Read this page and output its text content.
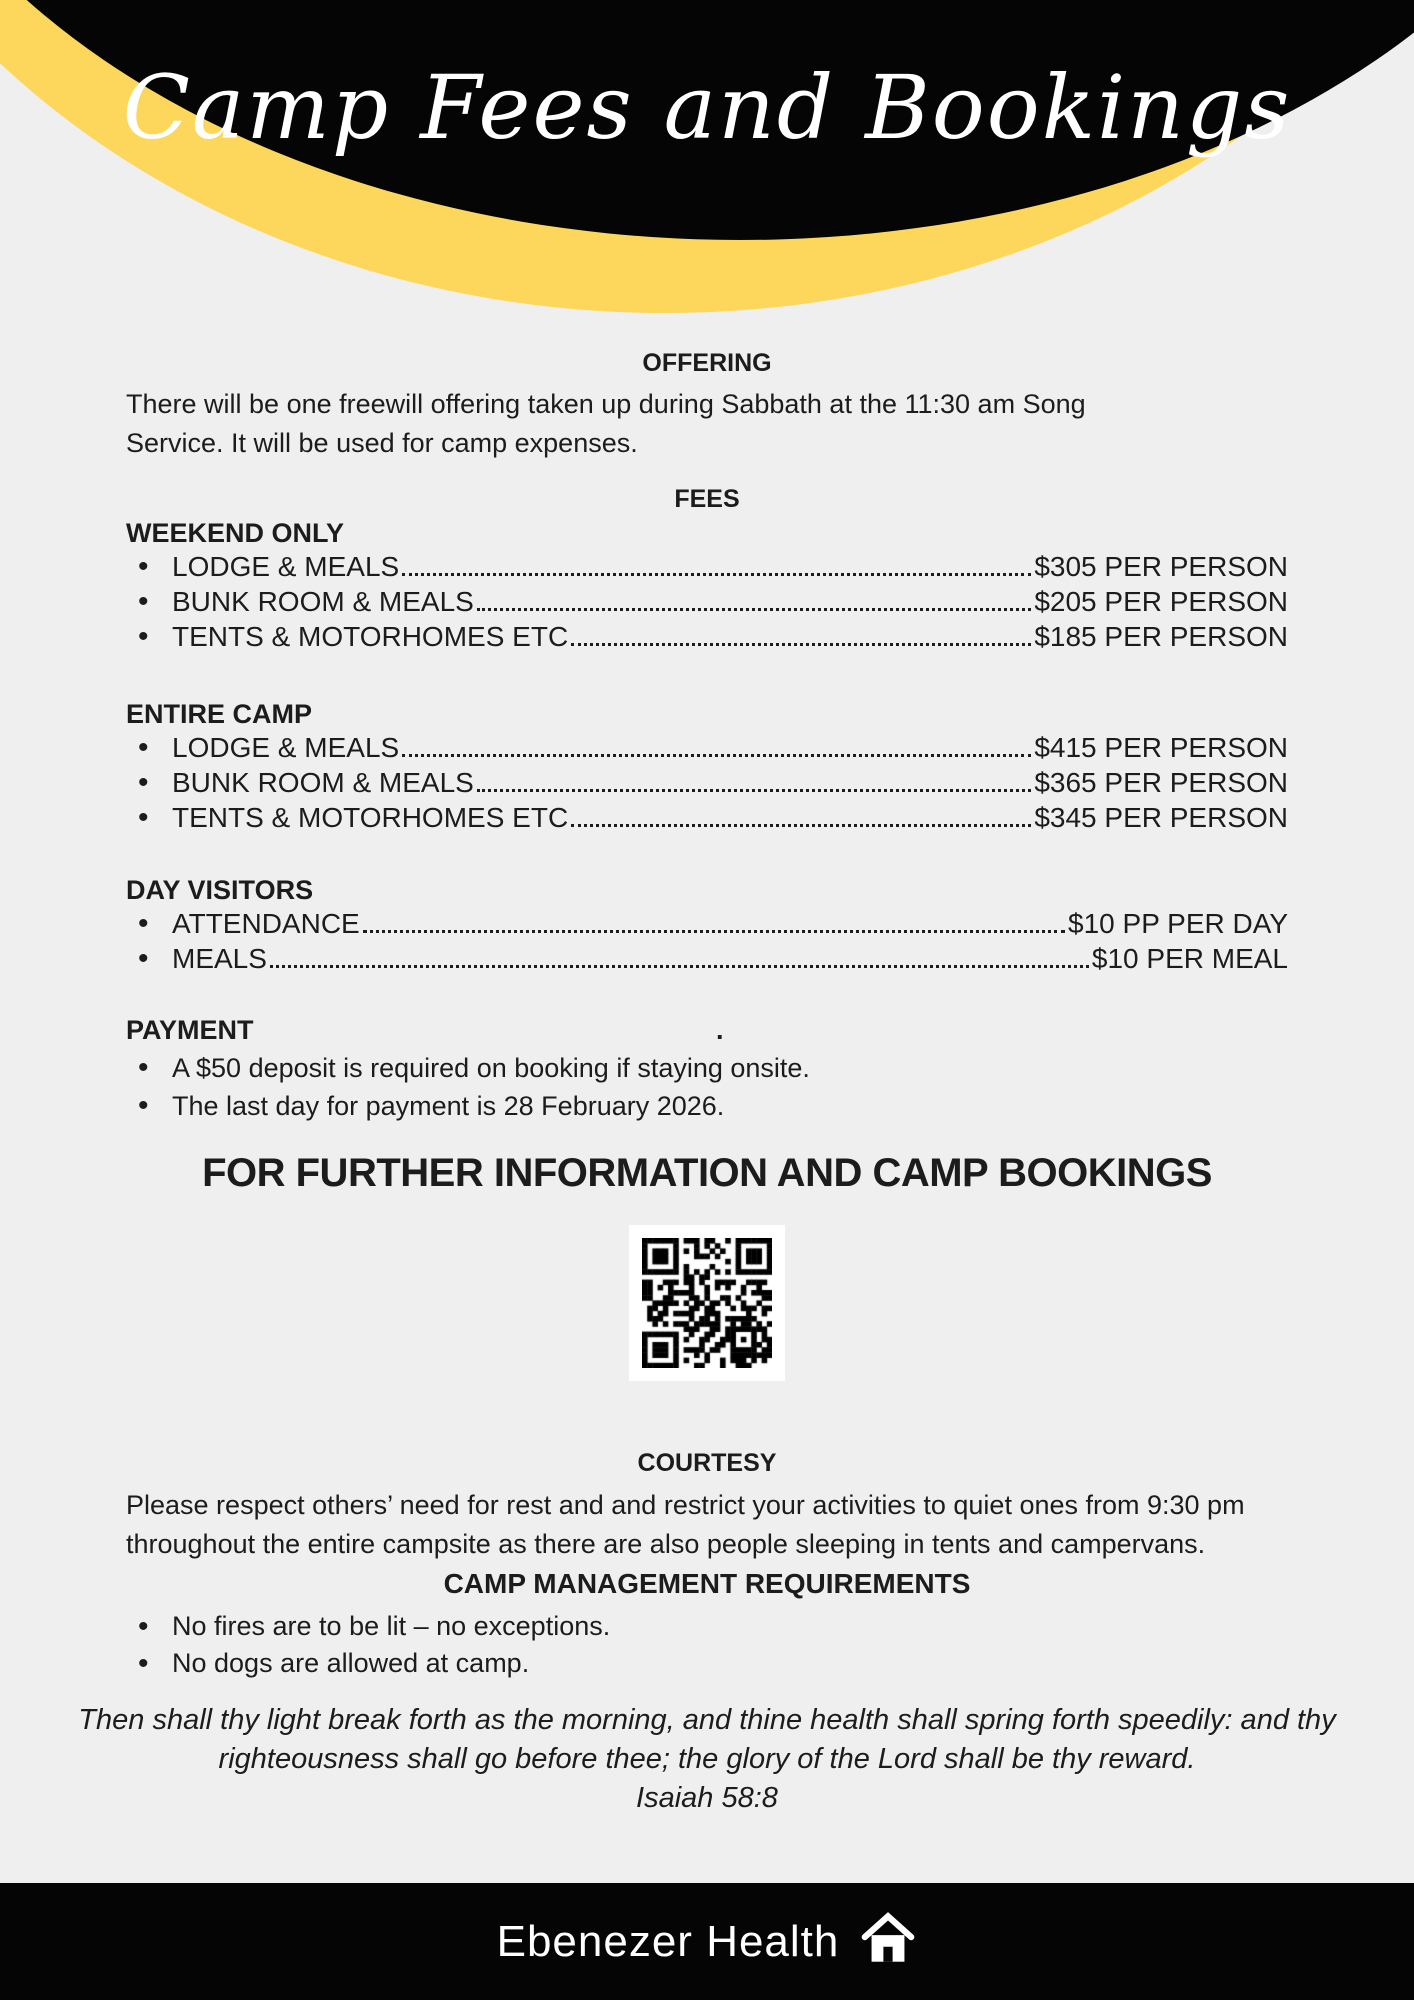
Camp Fees and Bookings
OFFERING

There will be one freewill offering taken up during Sabbath at the 11:30 am Song Service. It will be used for camp expenses.

FEES
WEEKEND ONLY
• LODGE & MEALS	$305 PER PERSON
• BUNK ROOM & MEALS	$205 PER PERSON
• TENTS & MOTORHOMES ETC	$185 PER PERSON
ENTIRE CAMP
• LODGE & MEALS	$415 PER PERSON
• BUNK ROOM & MEALS	$365 PER PERSON
• TENTS & MOTORHOMES ETC	$345 PER PERSON
DAY VISITORS
• ATTENDANCE	$10 PP PER DAY
• MEALS	$10 PER MEAL
PAYMENT	.
• A $50 deposit is required on booking if staying onsite.
• The last day for payment is 28 February 2026.
FOR FURTHER INFORMATION AND CAMP BOOKINGS
COURTESY

Please respect others’ need for rest and and restrict your activities to quiet ones from 9:30 pm throughout the entire campsite as there are also people sleeping in tents and campervans.

CAMP MANAGEMENT REQUIREMENTS
• No fires are to be lit – no exceptions.
• No dogs are allowed at camp.

Then shall thy light break forth as the morning, and thine health shall spring forth speedily: and thy righteousness shall go before thee; the glory of the Lord shall be thy reward.

Isaiah 58:8

Ebenezer Health
